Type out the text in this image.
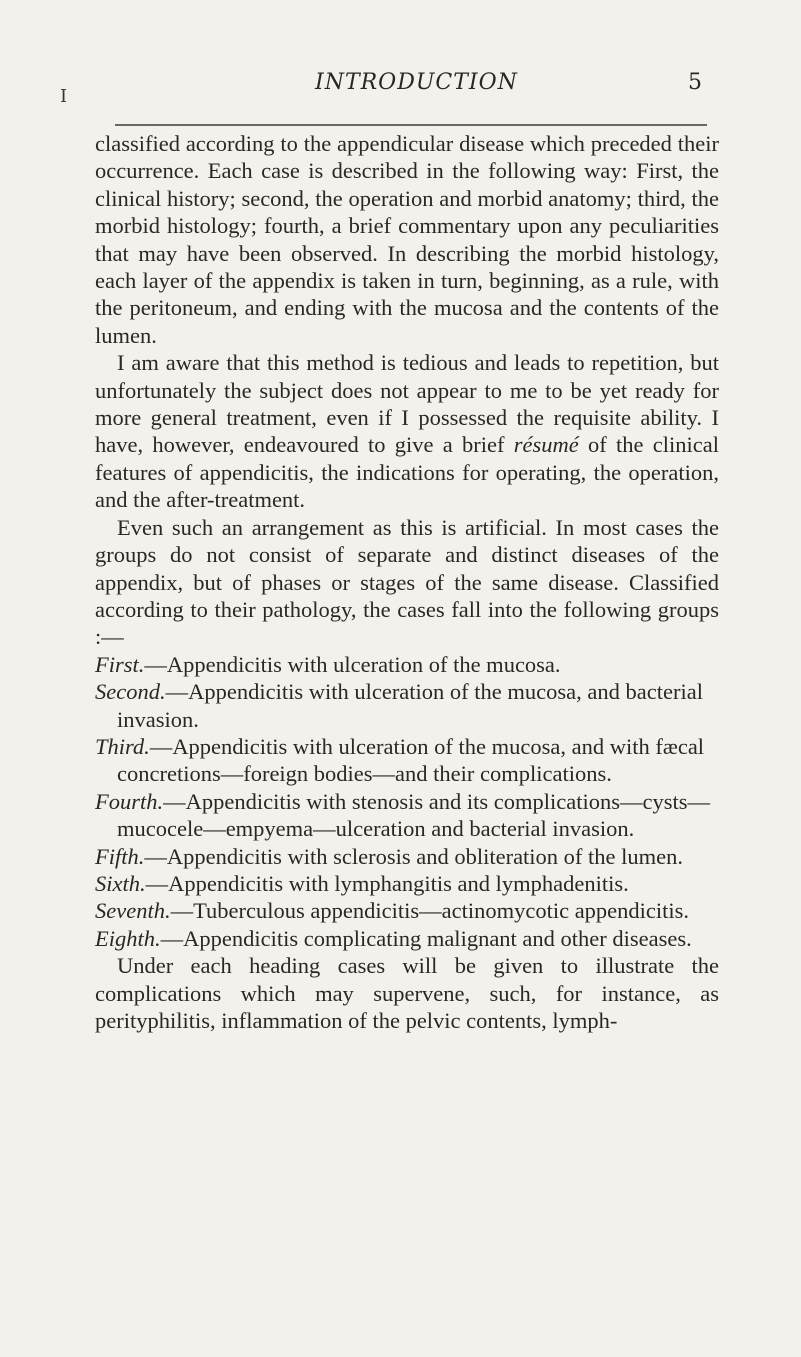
I
INTRODUCTION	5

classified according to the appendicular disease which preceded their occurrence. Each case is described in the following way: First, the clinical history; second, the operation and morbid anatomy; third, the morbid histology; fourth, a brief commentary upon any peculiarities that may have been observed. In describing the morbid histology, each layer of the appendix is taken in turn, beginning, as a rule, with the peritoneum, and ending with the mucosa and the contents of the lumen.

I am aware that this method is tedious and leads to repetition, but unfortunately the subject does not appear to me to be yet ready for more general treatment, even if I possessed the requisite ability. I have, however, endeavoured to give a brief résumé of the clinical features of appendicitis, the indications for operating, the operation, and the after-treatment.

Even such an arrangement as this is artificial. In most cases the groups do not consist of separate and distinct diseases of the appendix, but of phases or stages of the same disease. Classified according to their pathology, the cases fall into the following groups :—

First.—Appendicitis with ulceration of the mucosa.

Second.—Appendicitis with ulceration of the mucosa, and bacterial invasion.

Third.—Appendicitis with ulceration of the mucosa, and with fæcal concretions—foreign bodies—and their complications.

Fourth.—Appendicitis with stenosis and its complications—cysts—mucocele—empyema—ulceration and bacterial invasion.

Fifth.—Appendicitis with sclerosis and obliteration of the lumen.

Sixth.—Appendicitis with lymphangitis and lymphadenitis.

Seventh.—Tuberculous appendicitis—actinomycotic appendicitis.

Eighth.—Appendicitis complicating malignant and other diseases.

Under each heading cases will be given to illustrate the complications which may supervene, such, for instance, as perityphilitis, inflammation of the pelvic contents, lymph-
